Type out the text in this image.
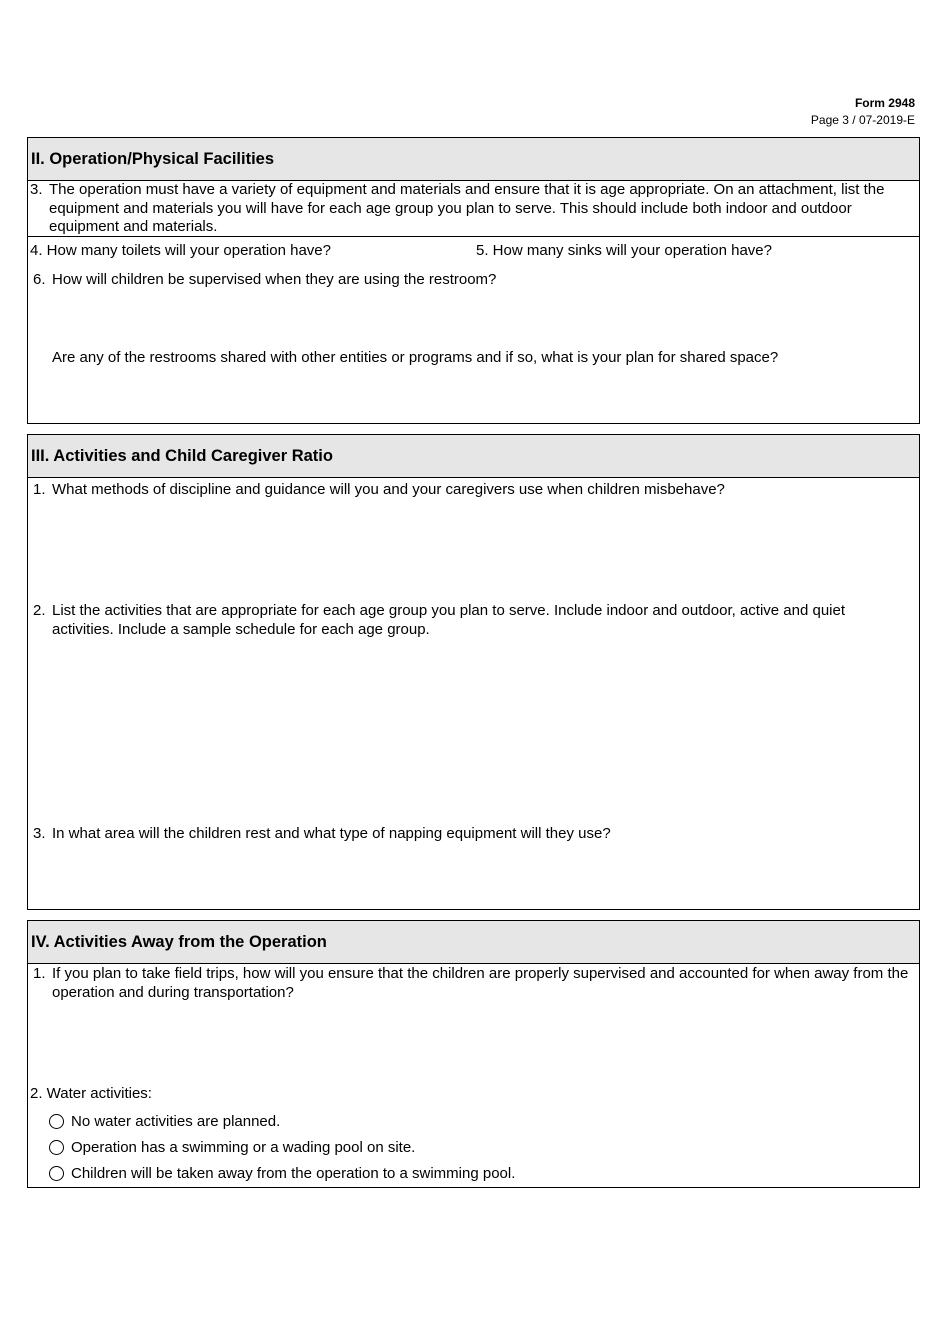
Form 2948
Page 3 / 07-2019-E
II. Operation/Physical Facilities
3. The operation must have a variety of equipment and materials and ensure that it is age appropriate. On an attachment, list the equipment and materials you will have for each age group you plan to serve. This should include both indoor and outdoor equipment and materials.
4. How many toilets will your operation have?	5. How many sinks will your operation have?
6. How will children be supervised when they are using the restroom?
Are any of the restrooms shared with other entities or programs and if so, what is your plan for shared space?
III. Activities and Child Caregiver Ratio
1. What methods of discipline and guidance will you and your caregivers use when children misbehave?
2. List the activities that are appropriate for each age group you plan to serve. Include indoor and outdoor, active and quiet activities. Include a sample schedule for each age group.
3. In what area will the children rest and what type of napping equipment will they use?
IV. Activities Away from the Operation
1. If you plan to take field trips, how will you ensure that the children are properly supervised and accounted for when away from the operation and during transportation?
2. Water activities:
No water activities are planned.
Operation has a swimming or a wading pool on site.
Children will be taken away from the operation to a swimming pool.
